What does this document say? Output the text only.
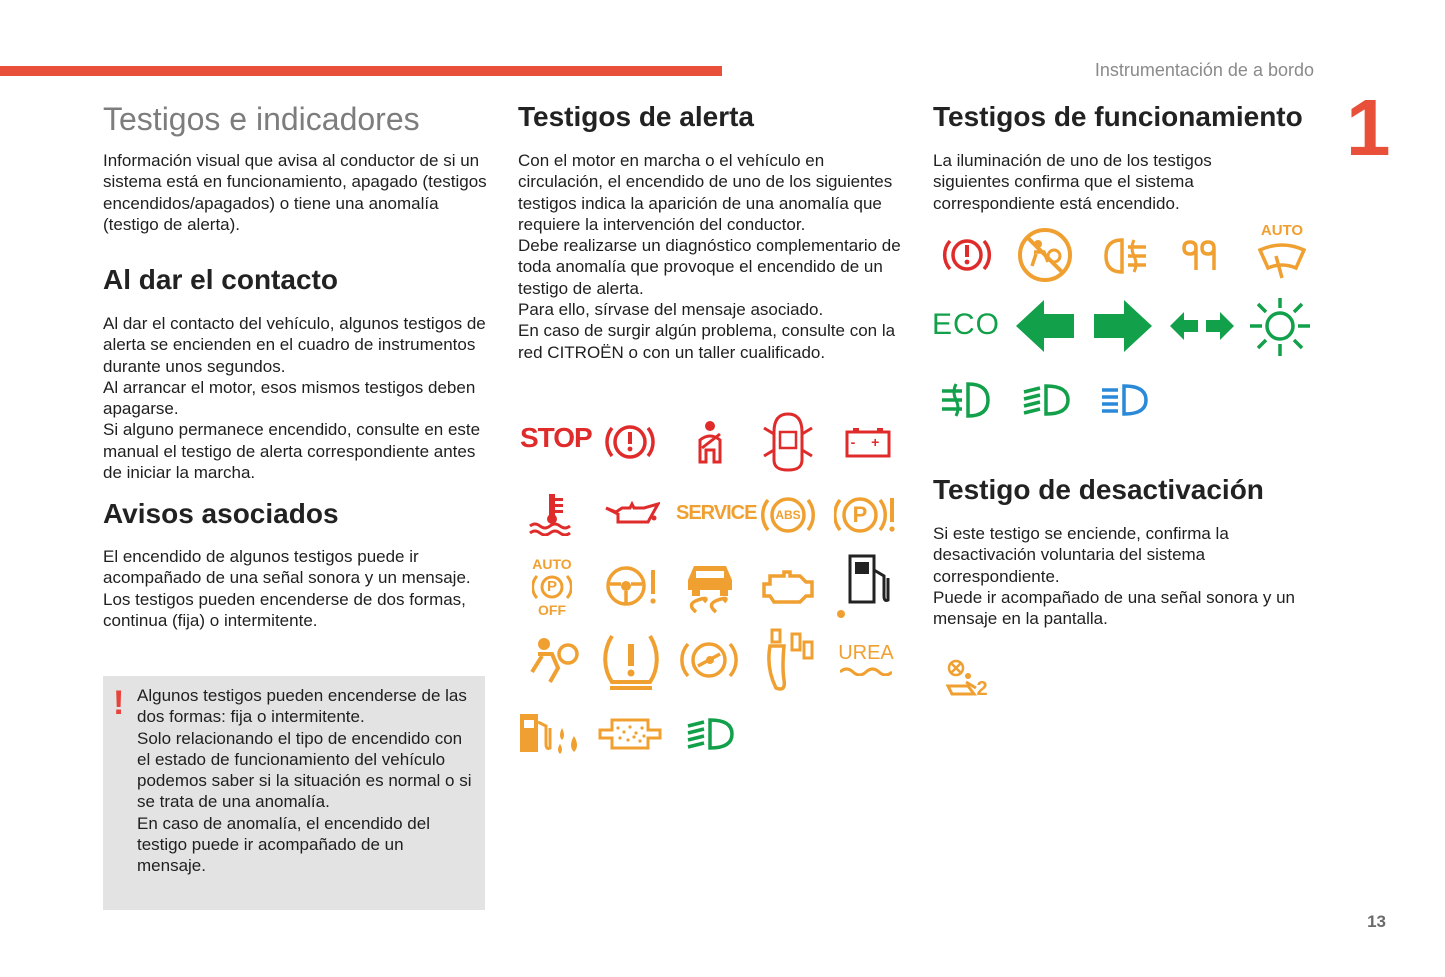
Instrumentación de a bordo
1
13
Testigos e indicadores

Información visual que avisa al conductor de si un sistema está en funcionamiento, apagado (testigos encendidos/apagados) o tiene una anomalía (testigo de alerta).

Al dar el contacto

Al dar el contacto del vehículo, algunos testigos de alerta se encienden en el cuadro de instrumentos durante unos segundos.
Al arrancar el motor, esos mismos testigos deben apagarse.
Si alguno permanece encendido, consulte en este manual el testigo de alerta correspondiente antes de iniciar la marcha.

Avisos asociados

El encendido de algunos testigos puede ir acompañado de una señal sonora y un mensaje.
Los testigos pueden encenderse de dos formas, continua (fija) o intermitente.

! Algunos testigos pueden encenderse de las dos formas: fija o intermitente.
Solo relacionando el tipo de encendido con el estado de funcionamiento del vehículo podemos saber si la situación es normal o si se trata de una anomalía.
En caso de anomalía, el encendido del testigo puede ir acompañado de un mensaje.

Testigos de alerta

Con el motor en marcha o el vehículo en circulación, el encendido de uno de los siguientes testigos indica la aparición de una anomalía que requiere la intervención del conductor.
Debe realizarse un diagnóstico complementario de toda anomalía que provoque el encendido de un testigo de alerta.
Para ello, sírvase del mensaje asociado.
En caso de surgir algún problema, consulte con la red CITROËN o con un taller cualificado.

STOP	- +
SERVICE	ABS	P
AUTO
P
OFF
UREA
Testigos de funcionamiento

La iluminación de uno de los testigos siguientes confirma que el sistema correspondiente está encendido.

AUTO
ECO
Testigo de desactivación

Si este testigo se enciende, confirma la desactivación voluntaria del sistema correspondiente.
Puede ir acompañado de una señal sonora y un mensaje en la pantalla.

2
